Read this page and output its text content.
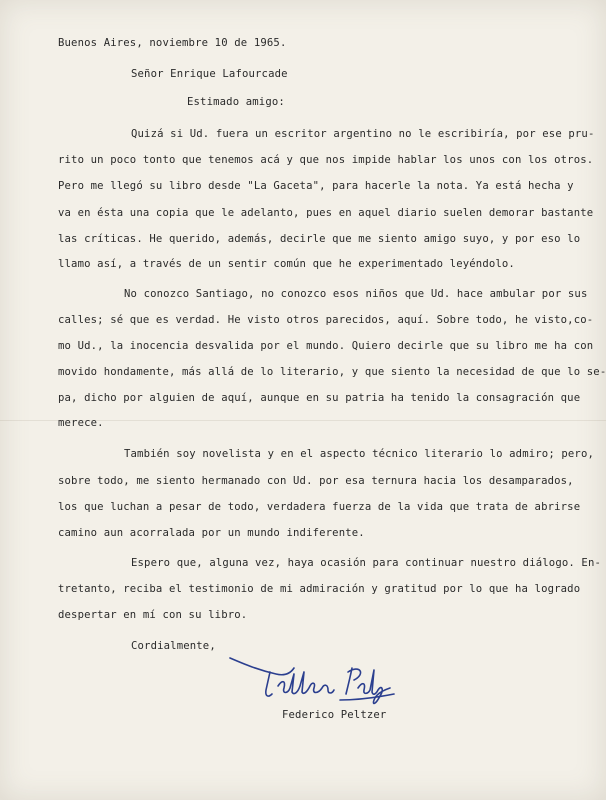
Buenos Aires, noviembre 10 de 1965.
Señor Enrique Lafourcade
Estimado amigo:
Quizá si Ud. fuera un escritor argentino no le escribiría, por ese pru-
rito un poco tonto que tenemos acá y que nos impide hablar los unos con los otros.
Pero me llegó su libro desde "La Gaceta", para hacerle la nota. Ya está hecha y
va en ésta una copia que le adelanto, pues en aquel diario suelen demorar bastante
las críticas. He querido, además, decirle que me siento amigo suyo, y por eso lo
llamo así, a través de un sentir común que he experimentado leyéndolo.
No conozco Santiago, no conozco esos niños que Ud. hace ambular por sus
calles; sé que es verdad. He visto otros parecidos, aquí. Sobre todo, he visto,co-
mo Ud., la inocencia desvalida por el mundo. Quiero decirle que su libro me ha con
movido hondamente, más allá de lo literario, y que siento la necesidad de que lo se-
pa, dicho por alguien de aquí, aunque en su patria ha tenido la consagración que
merece.
También soy novelista y en el aspecto técnico literario lo admiro; pero,
sobre todo, me siento hermanado con Ud. por esa ternura hacia los desamparados,
los que luchan a pesar de todo, verdadera fuerza de la vida que trata de abrirse
camino aun acorralada por un mundo indiferente.
Espero que, alguna vez, haya ocasión para continuar nuestro diálogo. En-
tretanto, reciba el testimonio de mi admiración y gratitud por lo que ha logrado
despertar en mí con su libro.
Cordialmente,
Federico Peltzer
